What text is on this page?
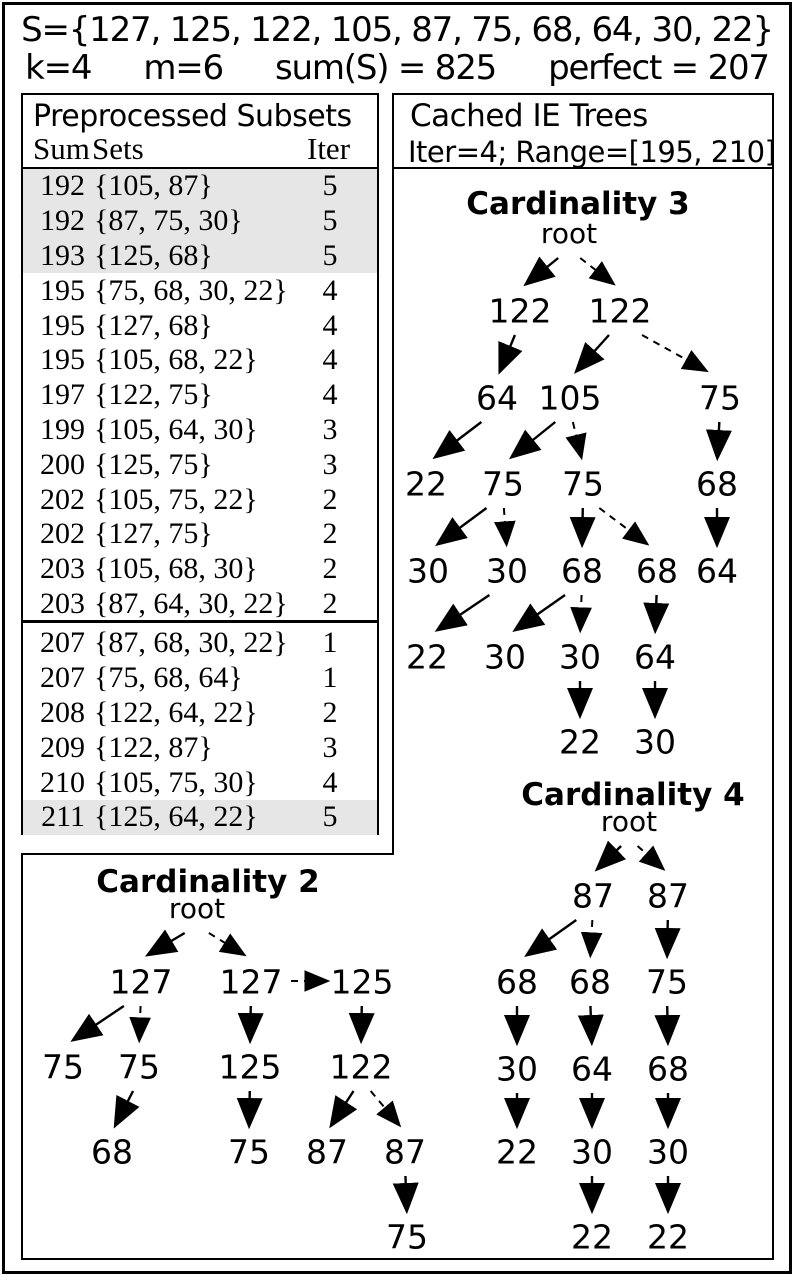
S={127, 125, 122, 105, 87, 75, 68, 64, 30, 22}
k=4 m=6 sum(S) = 825 perfect = 207
Preprocessed Subsets
Sum Sets	Iter
192 {105, 87}	5
192 {87, 75, 30}	5
193 {125, 68}	5
195 {75, 68, 30, 22}	4
195 {127, 68}	4
195 {105, 68, 22}	4
197 {122, 75}	4
199 {105, 64, 30}	3
200 {125, 75}	3
202 {105, 75, 22}	2
202 {127, 75}	2
203 {105, 68, 30}	2
203 {87, 64, 30, 22}	2
207 {87, 68, 30, 22}	1
207 {75, 68, 64}	1
208 {122, 64, 22}	2
209 {122, 87}	3
210 {105, 75, 30}	4
211 {125, 64, 22}	5
Cached IE Trees
Iter=4; Range=[195, 210]
Cardinality 3
root
122 122
64 105	75
22 75 75	68
30 30 68 68 64
22 30 30 64
22 30
Cardinality 4
root
87 87
68 68 75
30 64 68
22 30 30
22 22
Cardinality 2
root
127 127 125
75 75 125 122
68	75 87 87
75
